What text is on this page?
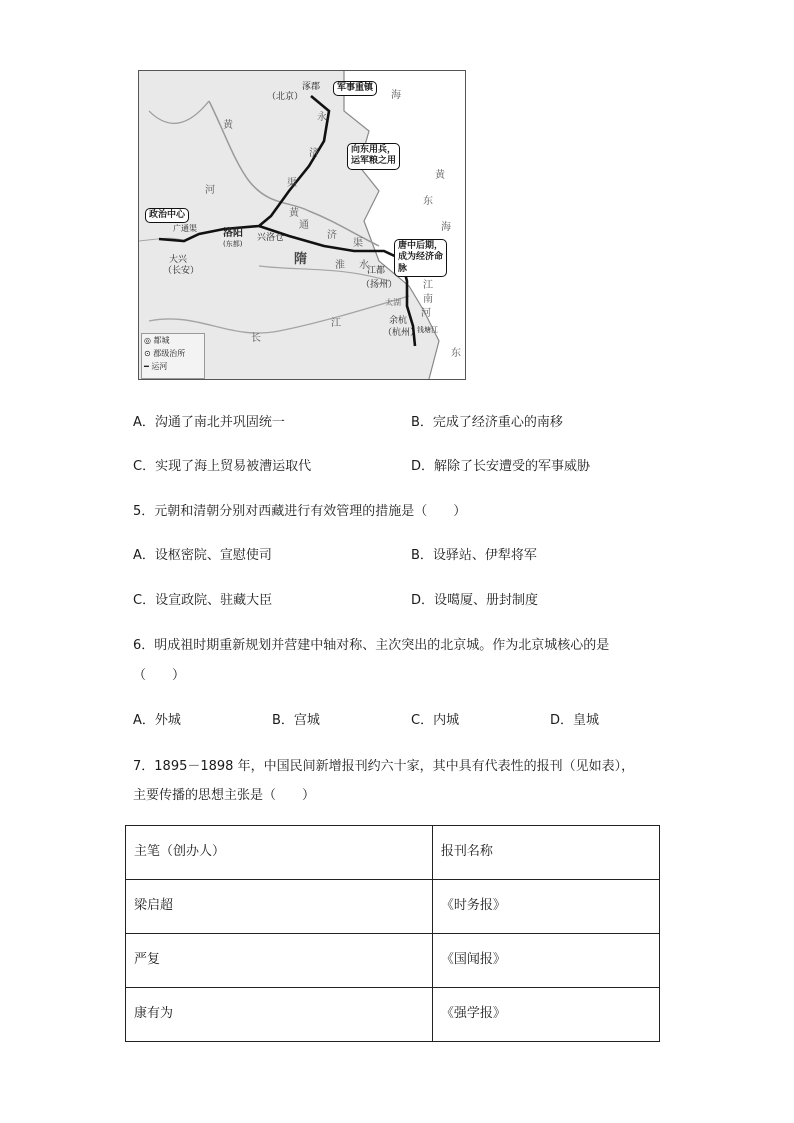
涿郡
（北京）
军事重镇
向东用兵，
运军粮之用
政治中心
洛阳
(东都)
兴洛仓
大兴
（长安）
隋
江都
（扬州）
余杭
（杭州）
唐中后期，
成为经济命
脉
永
济
渠
通
济
渠
广通渠
黄
河
黄
淮 水
长
江
海
黄
东
海
江
南
河
太湖
钱塘江
东
◎ 都城
⊙ 郡级治所
━ 运河
A．沟通了南北并巩固统一	B．完成了经济重心的南移
C．实现了海上贸易被漕运取代	D．解除了长安遭受的军事威胁
5．元朝和清朝分别对西藏进行有效管理的措施是（　　）
A．设枢密院、宣慰使司	B．设驿站、伊犁将军
C．设宣政院、驻藏大臣	D．设噶厦、册封制度
6．明成祖时期重新规划并营建中轴对称、主次突出的北京城。作为北京城核心的是
（　　）
A．外城	B．宫城	C．内城	D．皇城
7．1895－1898 年，中国民间新增报刊约六十家，其中具有代表性的报刊（见如表），
主要传播的思想主张是（　　）
主笔（创办人）	报刊名称
梁启超	《时务报》
严复	《国闻报》
康有为	《强学报》
